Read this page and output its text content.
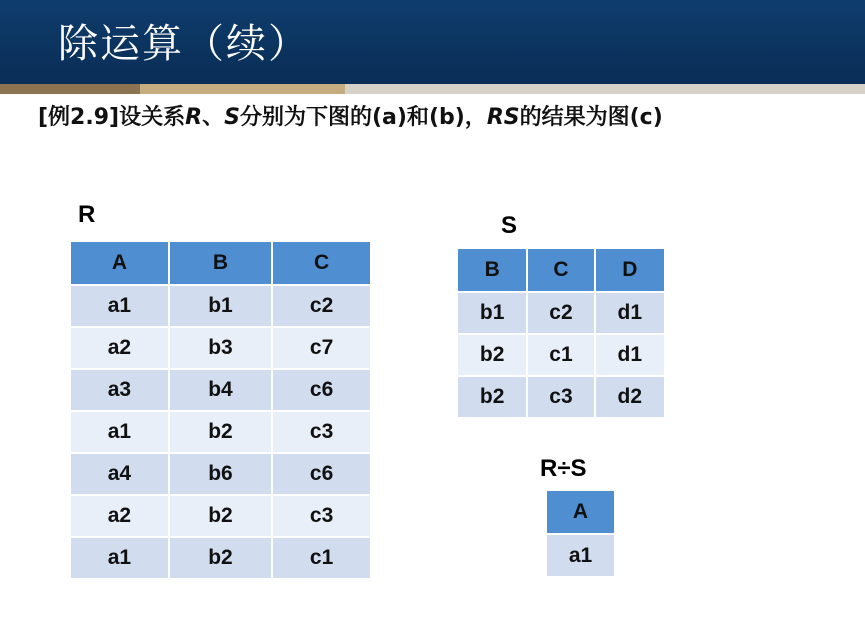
除运算（续）
[例2.9]设关系R、S分别为下图的(a)和(b)，RS的结果为图(c)
R
A	B	C
a1	b1	c2
a2	b3	c7
a3	b4	c6
a1	b2	c3
a4	b6	c6
a2	b2	c3
a1	b2	c1
S
B	C	D
b1	c2	d1
b2	c1	d1
b2	c3	d2
R÷S
A
a1
